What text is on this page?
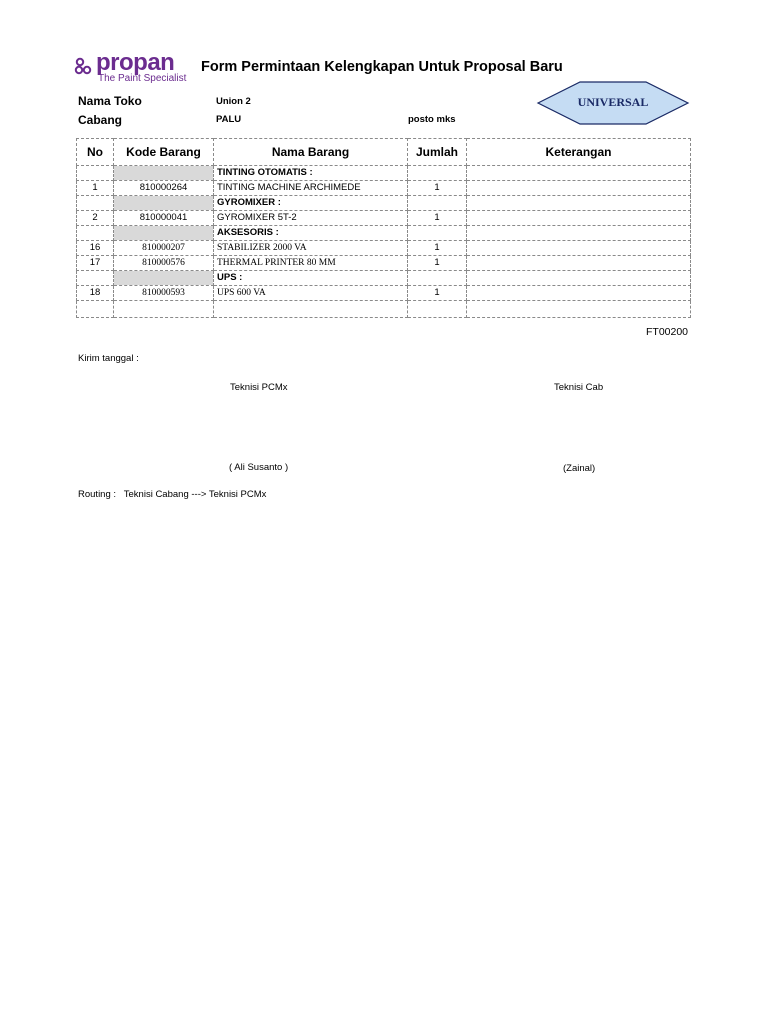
propan
The Paint Specialist
Form Permintaan Kelengkapan Untuk Proposal Baru
Nama Toko	Union 2
Cabang	PALU	posto mks
UNIVERSAL
No	Kode Barang	Nama Barang	Jumlah	Keterangan
		TINTING OTOMATIS :		
1	810000264	TINTING MACHINE ARCHIMEDE	1	
		GYROMIXER :		
2	810000041	GYROMIXER 5T-2	1	
		AKSESORIS :		
16	810000207	STABILIZER 2000 VA	1	
17	810000576	THERMAL PRINTER 80 MM	1	
		UPS :		
18	810000593	UPS 600 VA	1	

FT00200
Kirim tanggal :
Teknisi PCMx	Teknisi Cab
( Ali Susanto )	(Zainal)
Routing :   Teknisi Cabang ---> Teknisi PCMx
